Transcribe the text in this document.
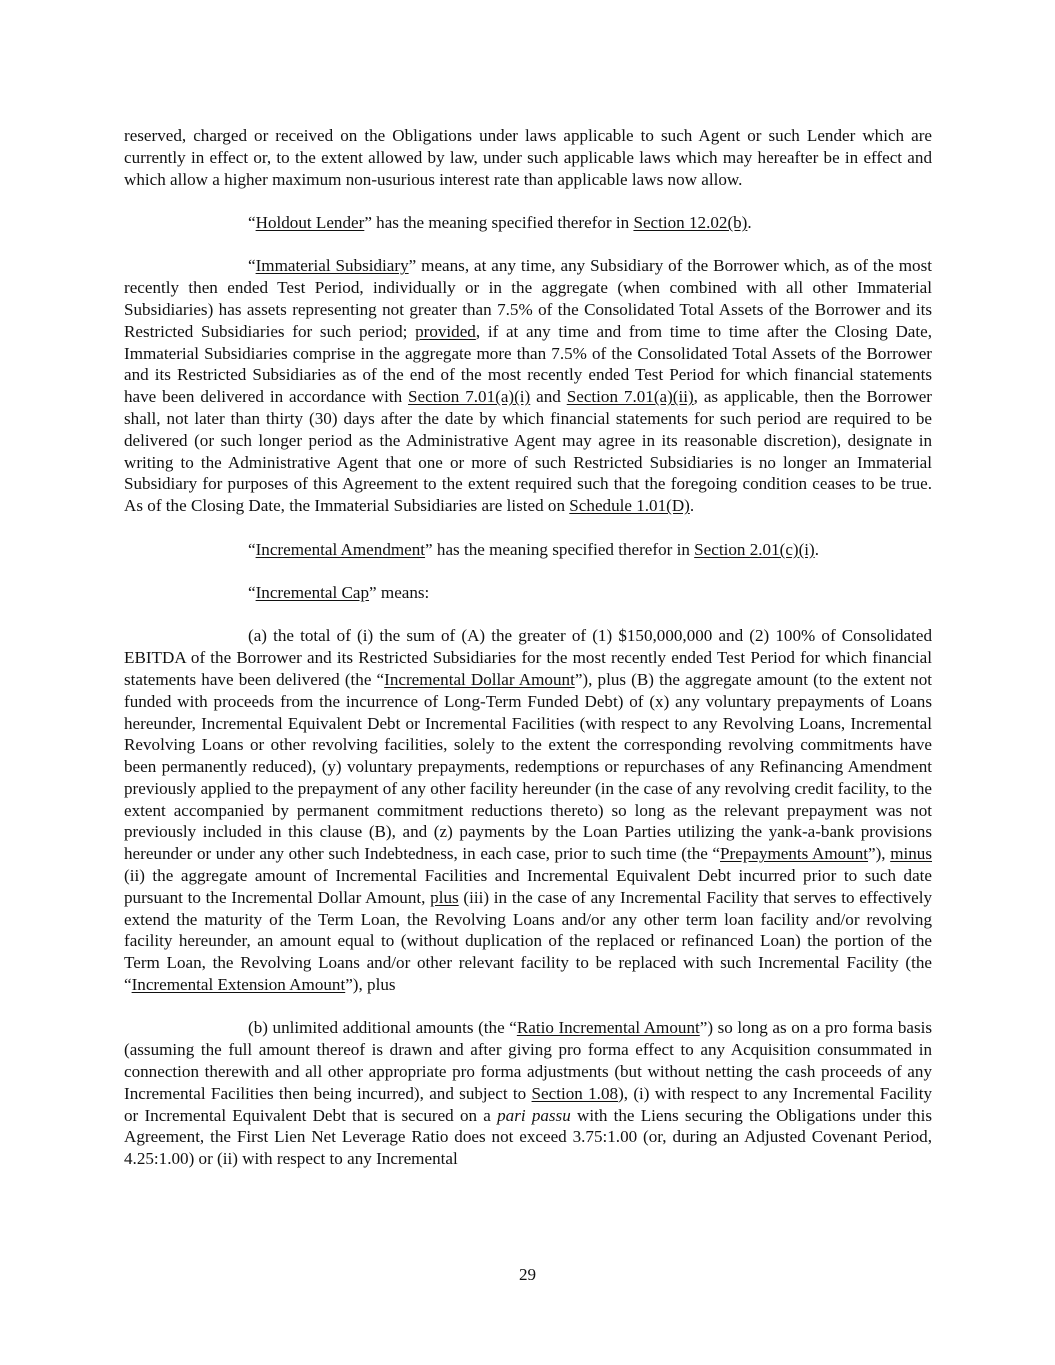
reserved, charged or received on the Obligations under laws applicable to such Agent or such Lender which are currently in effect or, to the extent allowed by law, under such applicable laws which may hereafter be in effect and which allow a higher maximum non-usurious interest rate than applicable laws now allow.

“Holdout Lender” has the meaning specified therefor in Section 12.02(b).

“Immaterial Subsidiary” means, at any time, any Subsidiary of the Borrower which, as of the most recently then ended Test Period, individually or in the aggregate (when combined with all other Immaterial Subsidiaries) has assets representing not greater than 7.5% of the Consolidated Total Assets of the Borrower and its Restricted Subsidiaries for such period; provided, if at any time and from time to time after the Closing Date, Immaterial Subsidiaries comprise in the aggregate more than 7.5% of the Consolidated Total Assets of the Borrower and its Restricted Subsidiaries as of the end of the most recently ended Test Period for which financial statements have been delivered in accordance with Section 7.01(a)(i) and Section 7.01(a)(ii), as applicable, then the Borrower shall, not later than thirty (30) days after the date by which financial statements for such period are required to be delivered (or such longer period as the Administrative Agent may agree in its reasonable discretion), designate in writing to the Administrative Agent that one or more of such Restricted Subsidiaries is no longer an Immaterial Subsidiary for purposes of this Agreement to the extent required such that the foregoing condition ceases to be true. As of the Closing Date, the Immaterial Subsidiaries are listed on Schedule 1.01(D).

“Incremental Amendment” has the meaning specified therefor in Section 2.01(c)(i).

“Incremental Cap” means:

(a) the total of (i) the sum of (A) the greater of (1) $150,000,000 and (2) 100% of Consolidated EBITDA of the Borrower and its Restricted Subsidiaries for the most recently ended Test Period for which financial statements have been delivered (the “Incremental Dollar Amount”), plus (B) the aggregate amount (to the extent not funded with proceeds from the incurrence of Long-Term Funded Debt) of (x) any voluntary prepayments of Loans hereunder, Incremental Equivalent Debt or Incremental Facilities (with respect to any Revolving Loans, Incremental Revolving Loans or other revolving facilities, solely to the extent the corresponding revolving commitments have been permanently reduced), (y) voluntary prepayments, redemptions or repurchases of any Refinancing Amendment previously applied to the prepayment of any other facility hereunder (in the case of any revolving credit facility, to the extent accompanied by permanent commitment reductions thereto) so long as the relevant prepayment was not previously included in this clause (B), and (z) payments by the Loan Parties utilizing the yank-a-bank provisions hereunder or under any other such Indebtedness, in each case, prior to such time (the “Prepayments Amount”), minus (ii) the aggregate amount of Incremental Facilities and Incremental Equivalent Debt incurred prior to such date pursuant to the Incremental Dollar Amount, plus (iii) in the case of any Incremental Facility that serves to effectively extend the maturity of the Term Loan, the Revolving Loans and/or any other term loan facility and/or revolving facility hereunder, an amount equal to (without duplication of the replaced or refinanced Loan) the portion of the Term Loan, the Revolving Loans and/or other relevant facility to be replaced with such Incremental Facility (the “Incremental Extension Amount”), plus

(b) unlimited additional amounts (the “Ratio Incremental Amount”) so long as on a pro forma basis (assuming the full amount thereof is drawn and after giving pro forma effect to any Acquisition consummated in connection therewith and all other appropriate pro forma adjustments (but without netting the cash proceeds of any Incremental Facilities then being incurred), and subject to Section 1.08), (i) with respect to any Incremental Facility or Incremental Equivalent Debt that is secured on a pari passu with the Liens securing the Obligations under this Agreement, the First Lien Net Leverage Ratio does not exceed 3.75:1.00 (or, during an Adjusted Covenant Period, 4.25:1.00) or (ii) with respect to any Incremental

29
